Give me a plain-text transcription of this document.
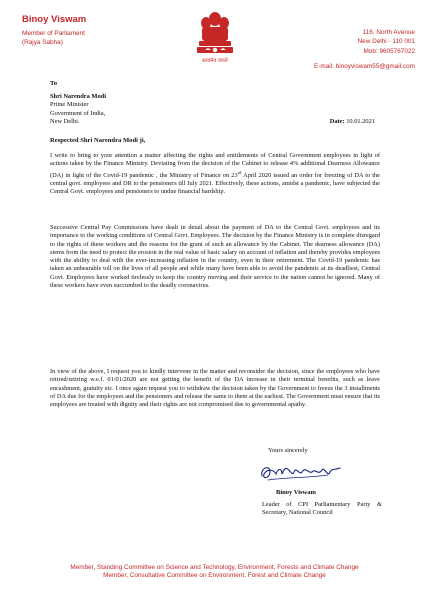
Binoy Viswam
Member of Parliament
(Rajya Sabha)
सत्यमेव जयते
116, North Avenue
New Delhi - 110 001
Mob: 9605767022
E-mail: binoyviswam55@gmail.com
To
Shri Narendra Modi
Prime Minister
Government of India,
New Delhi.	Date: 10.01.2021
Respected Shri Narendra Modi ji,
I write to bring to your attention a matter affecting the rights and entitlements of Central Government employees in light of actions taken by the Finance Ministry. Deviating from the decision of the Cabinet to release 4% additional Dearness Allowance (DA) in light of the Covid-19 pandemic , the Ministry of Finance on 23rd April 2020 issued an order for freezing of DA to the central govt. employees and DR to the pensioners till July 2021. Effectively, these actions, amidst a pandemic, have subjected the Central Govt. employees and pensioners to undue financial hardship.
Successive Central Pay Commissions have dealt in detail about the payment of DA to the Central Govt. employees and its importance to the working conditions of Central Govt. Employees. The decision by the Finance Ministry is in complete disregard to the rights of these workers and the reasons for the grant of such an allowance by the Cabinet. The dearness allowance (DA) stems from the need to protect the erosion in the real value of basic salary on account of inflation and thereby provides employees with the ability to deal with the ever-increasing inflation in the country, even in their retirement. The Covid-19 pandemic has taken an unbearable toll on the lives of all people and while many have been able to avoid the pandemic at its deadliest, Central Govt. Employees have worked tirelessly to keep the country moving and their service to the nation cannot be ignored. Many of these workers have even succumbed to the deadly coronavirus.
In view of the above, I request you to kindly intervene in the matter and reconsider the decision, since the employees who have retired/retiring w.e.f. 01/01/2020 are not getting the benefit of the DA increase in their terminal benefits, such as leave encashment, gratuity etc. I once again request you to withdraw the decision taken by the Government to freeze the 3 installments of DA due for the employees and the pensioners and release the same to them at the earliest. The Government must ensure that its employees are treated with dignity and their rights are not compromised due to governmental apathy.
Yours sincerely
Binoy Viswam
Leader of CPI Parliamentary Party & Secretary, National Council
Member, Standing Committee on Science and Technology, Environment, Forests and Climate Change
Member, Consultative Committee on Environment, Forest and Climate Change
